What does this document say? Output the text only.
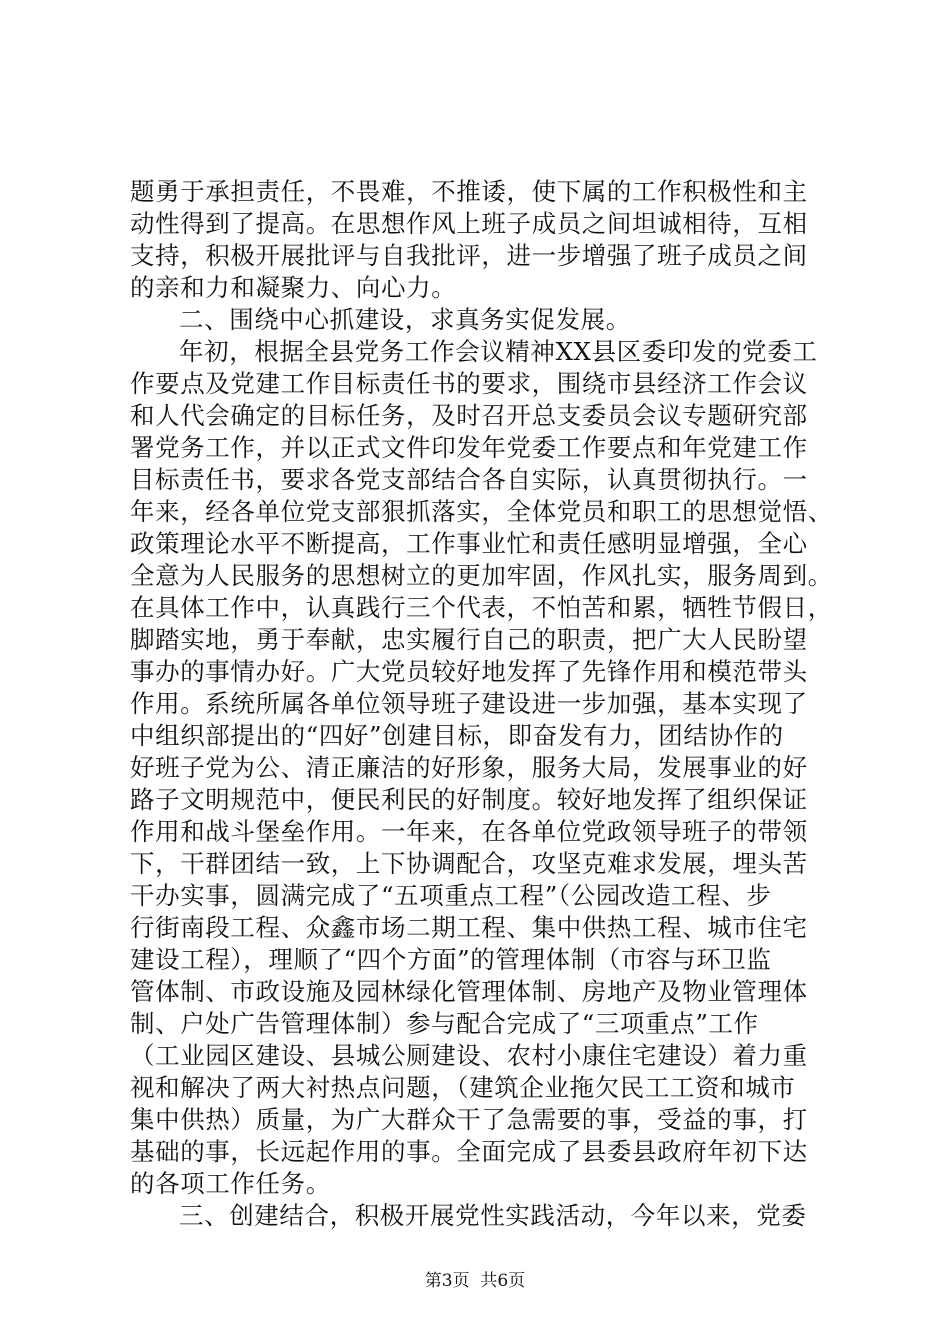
题勇于承担责任，不畏难，不推诿，使下属的工作积极性和主
动性得到了提高。在思想作风上班子成员之间坦诚相待，互相
支持，积极开展批评与自我批评，进一步增强了班子成员之间
的亲和力和凝聚力、向心力。
二、围绕中心抓建设，求真务实促发展。
年初，根据全县党务工作会议精神XX县区委印发的党委工
作要点及党建工作目标责任书的要求，围绕市县经济工作会议
和人代会确定的目标任务，及时召开总支委员会议专题研究部
署党务工作，并以正式文件印发年党委工作要点和年党建工作
目标责任书，要求各党支部结合各自实际，认真贯彻执行。一
年来，经各单位党支部狠抓落实，全体党员和职工的思想觉悟、
政策理论水平不断提高，工作事业忙和责任感明显增强，全心
全意为人民服务的思想树立的更加牢固，作风扎实，服务周到。
在具体工作中，认真践行三个代表，不怕苦和累，牺牲节假日，
脚踏实地，勇于奉献，忠实履行自己的职责，把广大人民盼望
事办的事情办好。广大党员较好地发挥了先锋作用和模范带头
作用。系统所属各单位领导班子建设进一步加强，基本实现了
中组织部提出的“四好”创建目标，即奋发有力，团结协作的
好班子党为公、清正廉洁的好形象，服务大局，发展事业的好
路子文明规范中，便民利民的好制度。较好地发挥了组织保证
作用和战斗堡垒作用。一年来，在各单位党政领导班子的带领
下，干群团结一致，上下协调配合，攻坚克难求发展，埋头苦
干办实事，圆满完成了“五项重点工程”（公园改造工程、步
行街南段工程、众鑫市场二期工程、集中供热工程、城市住宅
建设工程），理顺了“四个方面”的管理体制（市容与环卫监
管体制、市政设施及园林绿化管理体制、房地产及物业管理体
制、户处广告管理体制）参与配合完成了“三项重点”工作
（工业园区建设、县城公厕建设、农村小康住宅建设）着力重
视和解决了两大衬热点问题，（建筑企业拖欠民工工资和城市
集中供热）质量，为广大群众干了急需要的事，受益的事，打
基础的事，长远起作用的事。全面完成了县委县政府年初下达
的各项工作任务。
三、创建结合，积极开展党性实践活动，今年以来，党委
第3页 共6页
